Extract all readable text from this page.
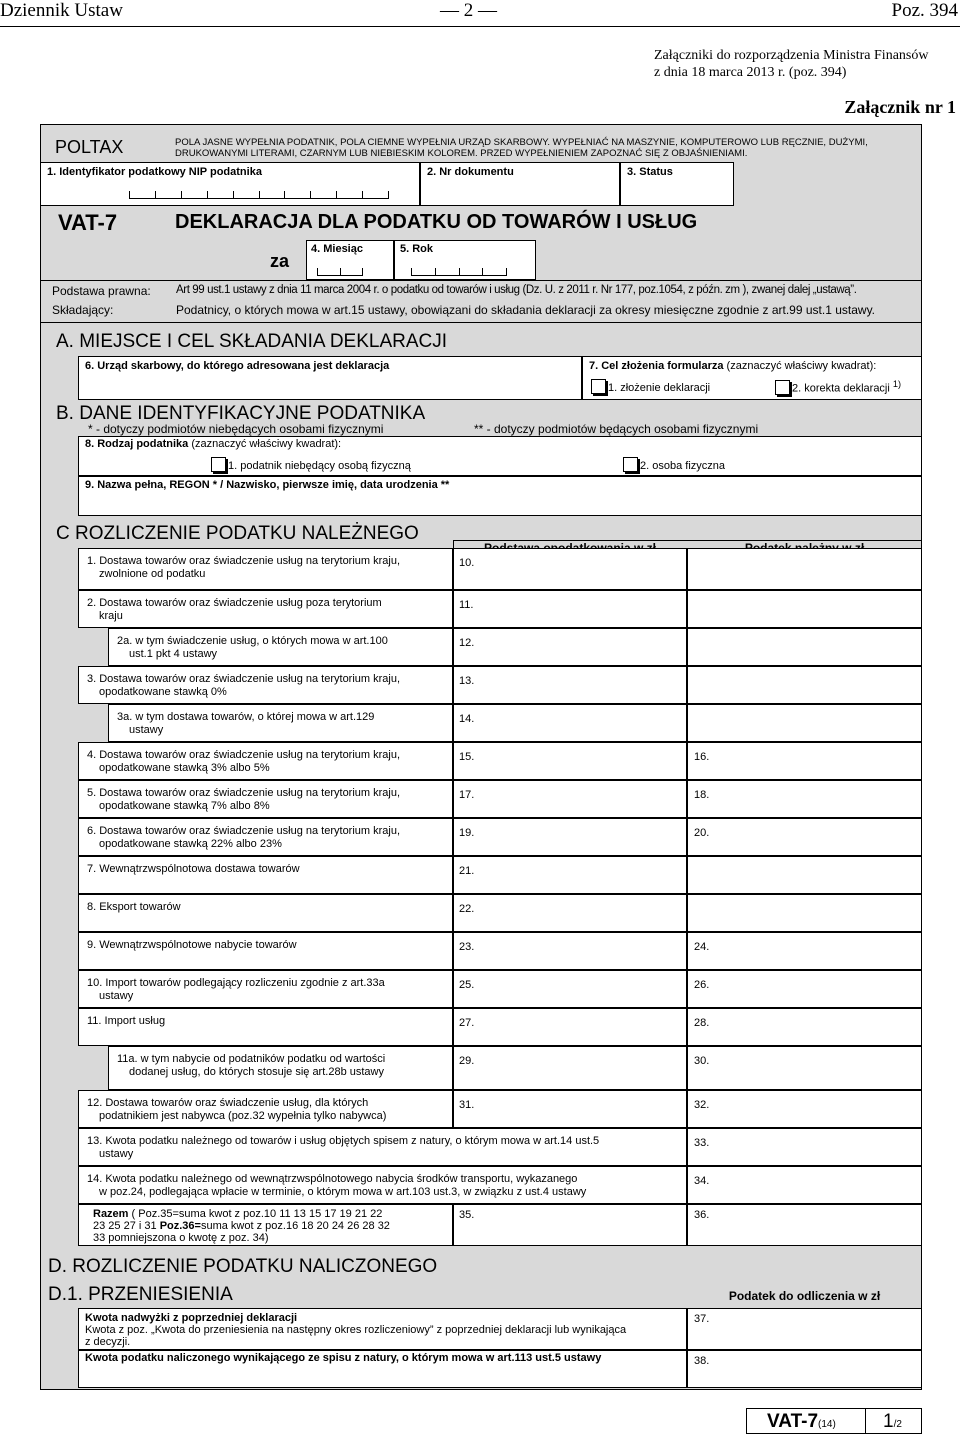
Dziennik Ustaw	— 2 —	Poz. 394
Załączniki do rozporządzenia Ministra Finansów
z dnia 18 marca 2013 r. (poz. 394)
Załącznik nr 1
POLTAX	POLA JASNE WYPEŁNIA PODATNIK, POLA CIEMNE WYPEŁNIA URZĄD SKARBOWY. WYPEŁNIAĆ NA MASZYNIE, KOMPUTEROWO LUB RĘCZNIE, DUŻYMI,
DRUKOWANYMI LITERAMI, CZARNYM LUB NIEBIESKIM KOLOREM. PRZED WYPEŁNIENIEM ZAPOZNAĆ SIĘ Z OBJAŚNIENIAMI.
1. Identyfikator podatkowy NIP podatnika	2. Nr dokumentu	3. Status
VAT-7	DEKLARACJA DLA PODATKU OD TOWARÓW I USŁUG
za
4. Miesiąc	5. Rok
Podstawa prawna: Art 99 ust.1 ustawy z dnia 11 marca 2004 r. o podatku od towarów i usług (Dz. U. z 2011 r. Nr 177, poz.1054, z późn. zm ), zwanej dalej „ustawą”.
Składający:	Podatnicy, o których mowa w art.15 ustawy, obowiązani do składania deklaracji za okresy miesięczne zgodnie z art.99 ust.1 ustawy.
A. MIEJSCE I CEL SKŁADANIA DEKLARACJI
6. Urząd skarbowy, do którego adresowana jest deklaracja	7. Cel złożenia formularza (zaznaczyć właściwy kwadrat):
1. złożenie deklaracji	2. korekta deklaracji $^{1)}$
B. DANE IDENTYFIKACYJNE PODATNIKA
* - dotyczy podmiotów niebędących osobami fizycznymi	** - dotyczy podmiotów będących osobami fizycznymi
8. Rodzaj podatnika (zaznaczyć właściwy kwadrat):
1. podatnik niebędący osobą fizyczną	2. osoba fizyczna
9. Nazwa pełna, REGON * / Nazwisko, pierwsze imię, data urodzenia **
C ROZLICZENIE PODATKU NALEŻNEGO
1. Dostawa towarów oraz świadczenie usług na terytorium kraju,
zwolnione od podatku
10.
2. Dostawa towarów oraz świadczenie usług poza terytorium
kraju
11.
2a. w tym świadczenie usług, o których mowa w art.100
ust.1 pkt 4 ustawy
12.
3. Dostawa towarów oraz świadczenie usług na terytorium kraju,
opodatkowane stawką 0%
13.
3a. w tym dostawa towarów, o której mowa w art.129
ustawy
14.
4. Dostawa towarów oraz świadczenie usług na terytorium kraju,
opodatkowane stawką 3% albo 5%
15.	16.
5. Dostawa towarów oraz świadczenie usług na terytorium kraju,
opodatkowane stawką 7% albo 8%
17.	18.
6. Dostawa towarów oraz świadczenie usług na terytorium kraju,
opodatkowane stawką 22% albo 23%
19.	20.
7. Wewnątrzwspólnotowa dostawa towarów	21.
8. Eksport towarów	22.
9. Wewnątrzwspólnotowe nabycie towarów	23.	24.
10. Import towarów podlegający rozliczeniu zgodnie z art.33a
ustawy
25.	26.
11. Import usług	27.	28.
11a. w tym nabycie od podatników podatku od wartości
dodanej usług, do których stosuje się art.28b ustawy
29.	30.
12. Dostawa towarów oraz świadczenie usług, dla których
podatnikiem jest nabywca (poz.32 wypełnia tylko nabywca)
31.	32.
13. Kwota podatku należnego od towarów i usług objętych spisem z natury, o którym mowa w art.14 ust.5
ustawy
33.
14. Kwota podatku należnego od wewnątrzwspólnotowego nabycia środków transportu, wykazanego
w poz.24, podlegająca wpłacie w terminie, o którym mowa w art.103 ust.3, w związku z ust.4 ustawy
34.
Razem ( Poz.35=suma kwot z poz.10 11 13 15 17 19 21 22
23 25 27 i 31 Poz.36=suma kwot z poz.16 18 20 24 26 28 32
33 pomniejszona o kwotę z poz. 34)
35.	36.
D. ROZLICZENIE PODATKU NALICZONEGO
D.1. PRZENIESIENIA	Podatek do odliczenia w zł
Kwota nadwyżki z poprzedniej deklaracji
Kwota z poz. „Kwota do przeniesienia na następny okres rozliczeniowy” z poprzedniej deklaracji lub wynikająca
z decyzji.
37.
Kwota podatku naliczonego wynikającego ze spisu z natury, o którym mowa w art.113 ust.5 ustawy	38.
VAT-7(14) 1/2
